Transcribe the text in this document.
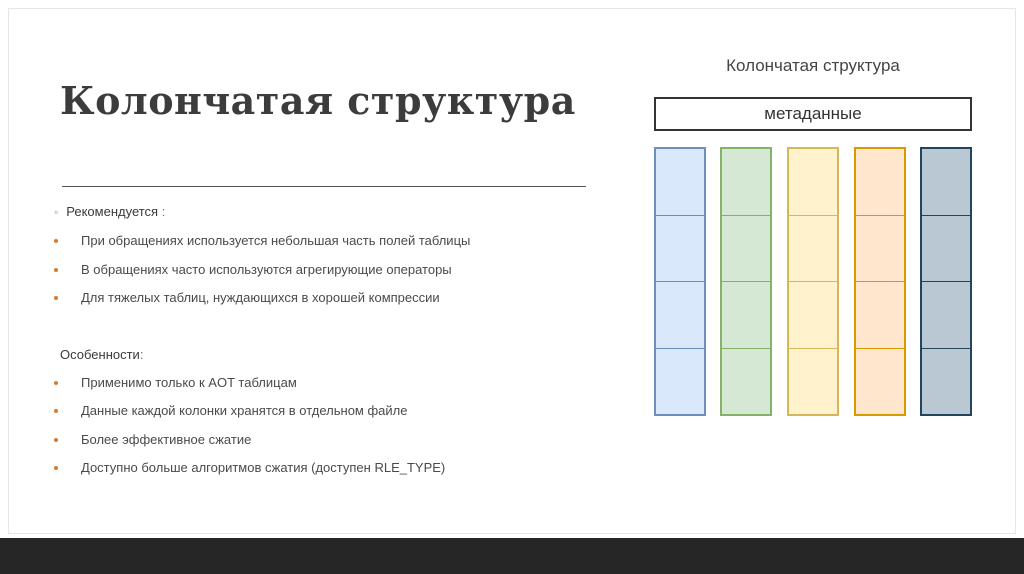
Колончатая структура
◦ Рекомендуется :
При обращениях используется небольшая часть полей таблицы
В обращениях часто используются агрегирующие операторы
Для тяжелых таблиц, нуждающихся в хорошей компрессии
Особенности:
Применимо только к AOT таблицам
Данные каждой колонки хранятся в отдельном файле
Более эффективное сжатие
Доступно больше алгоритмов сжатия (доступен RLE_TYPE)
Колончатая структура
метаданные
